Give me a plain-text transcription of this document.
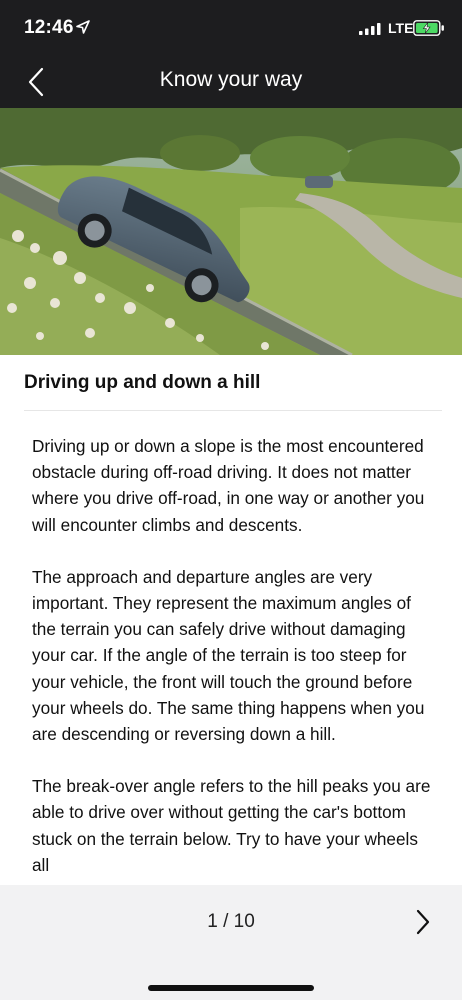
12:46	LTE
Know your way
Driving up and down a hill

Driving up or down a slope is the most encountered obstacle during off-road driving. It does not matter where you drive off-road, in one way or another you will encounter climbs and descents.

The approach and departure angles are very important. They represent the maximum angles of the terrain you can safely drive without damaging your car. If the angle of the terrain is too steep for your vehicle, the front will touch the ground before your wheels do. The same thing happens when you are descending or reversing down a hill.

The break-over angle refers to the hill peaks you are able to drive over without getting the car's bottom stuck on the terrain below. Try to have your wheels all

1 / 10
